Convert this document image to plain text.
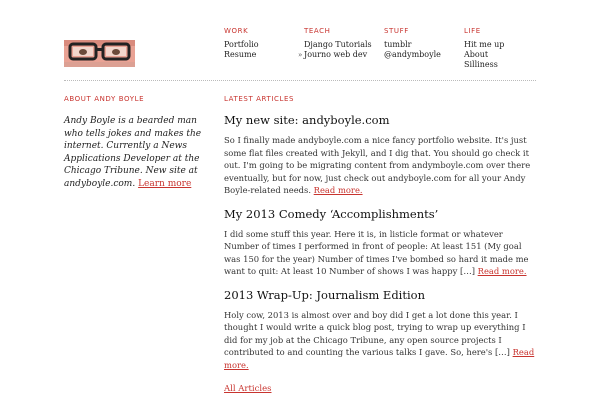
WORK
Portfolio
Resume
TEACH
Django Tutorials
» Journo web dev
STUFF
tumblr
@andymboyle
LIFE
Hit me up
About
Silliness
ABOUT ANDY BOYLE
Andy Boyle is a bearded man who tells jokes and makes the internet. Currently a News Applications Developer at the Chicago Tribune. New site at andyboyle.com. Learn more
LATEST ARTICLES
My new site: andyboyle.com
So I finally made andyboyle.com a nice fancy portfolio website. It's just some flat files created with Jekyll, and I dig that. You should go check it out. I'm going to be migrating content from andymboyle.com over there eventually, but for now, just check out andyboyle.com for all your Andy Boyle-related needs. Read more.
My 2013 Comedy ‘Accomplishments’
I did some stuff this year. Here it is, in listicle format or whatever Number of times I performed in front of people: At least 151 (My goal was 150 for the year) Number of times I've bombed so hard it made me want to quit: At least 10 Number of shows I was happy […] Read more.
2013 Wrap-Up: Journalism Edition
Holy cow, 2013 is almost over and boy did I get a lot done this year. I thought I would write a quick blog post, trying to wrap up everything I did for my job at the Chicago Tribune, any open source projects I contributed to and counting the various talks I gave. So, here's […] Read more.
All Articles
